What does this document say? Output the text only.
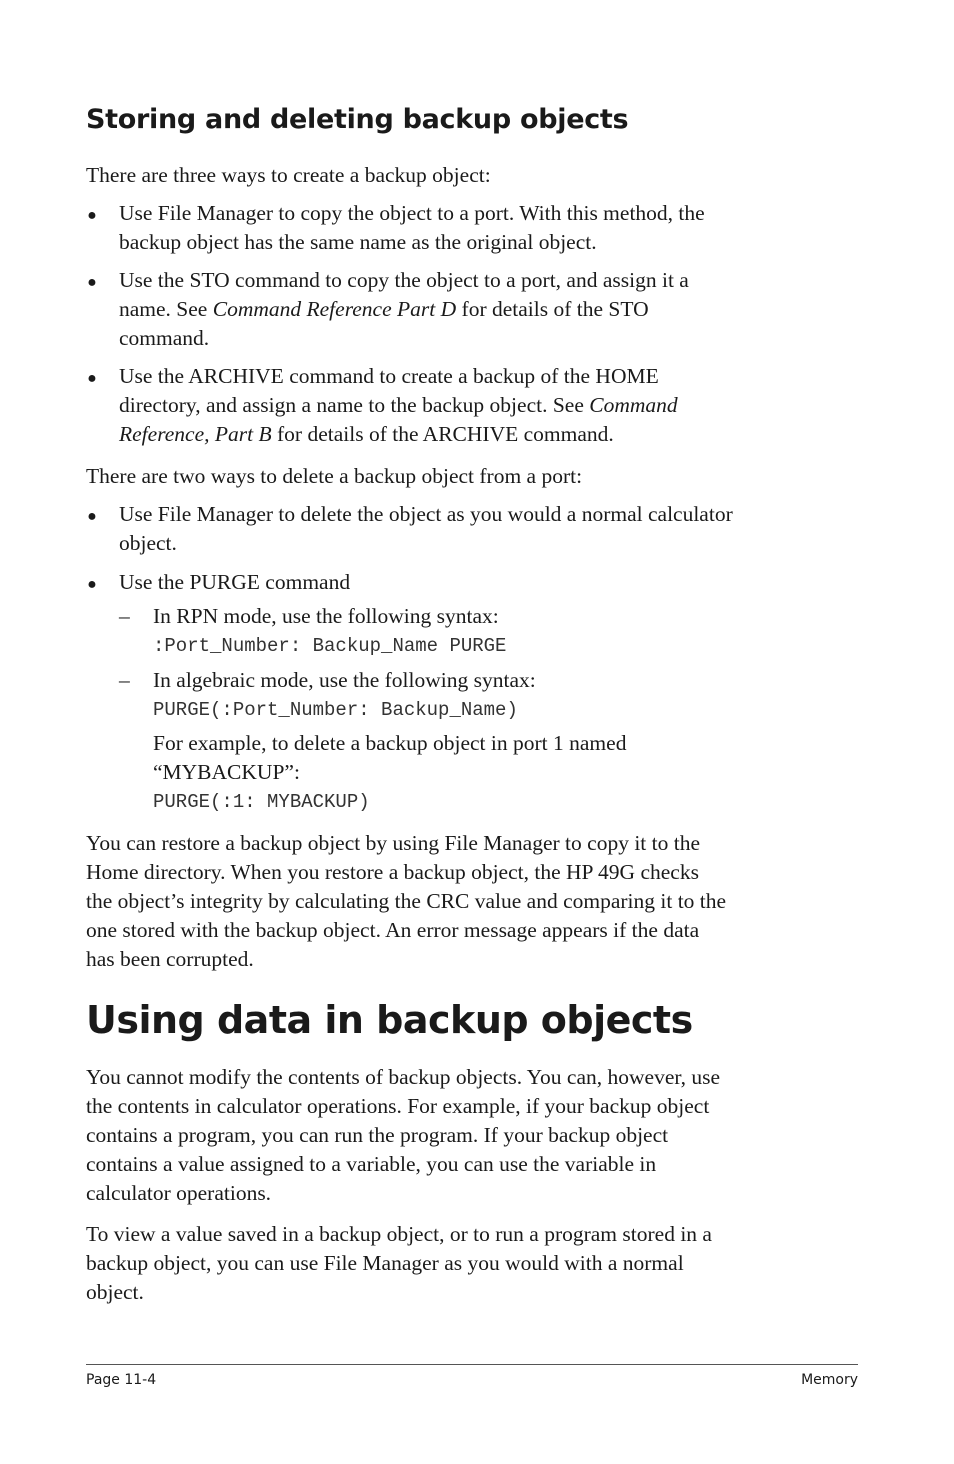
Storing and deleting backup objects

There are three ways to create a backup object:

● Use File Manager to copy the object to a port. With this method, the
backup object has the same name as the original object.

● Use the STO command to copy the object to a port, and assign it a
name. See Command Reference Part D for details of the STO
command.

● Use the ARCHIVE command to create a backup of the HOME
directory, and assign a name to the backup object. See Command
Reference, Part B for details of the ARCHIVE command.

There are two ways to delete a backup object from a port:

● Use File Manager to delete the object as you would a normal calculator
object.

● Use the PURGE command

–	In RPN mode, use the following syntax:

:Port_Number: Backup_Name PURGE
–	In algebraic mode, use the following syntax:

PURGE(:Port_Number: Backup_Name)

For example, to delete a backup object in port 1 named
“MYBACKUP”:

PURGE(:1: MYBACKUP)

You can restore a backup object by using File Manager to copy it to the
Home directory. When you restore a backup object, the HP 49G checks
the object’s integrity by calculating the CRC value and comparing it to the
one stored with the backup object. An error message appears if the data
has been corrupted.

Using data in backup objects

You cannot modify the contents of backup objects. You can, however, use
the contents in calculator operations. For example, if your backup object
contains a program, you can run the program. If your backup object
contains a value assigned to a variable, you can use the variable in
calculator operations.

To view a value saved in a backup object, or to run a program stored in a
backup object, you can use File Manager as you would with a normal
object.

Page 11-4	Memory
